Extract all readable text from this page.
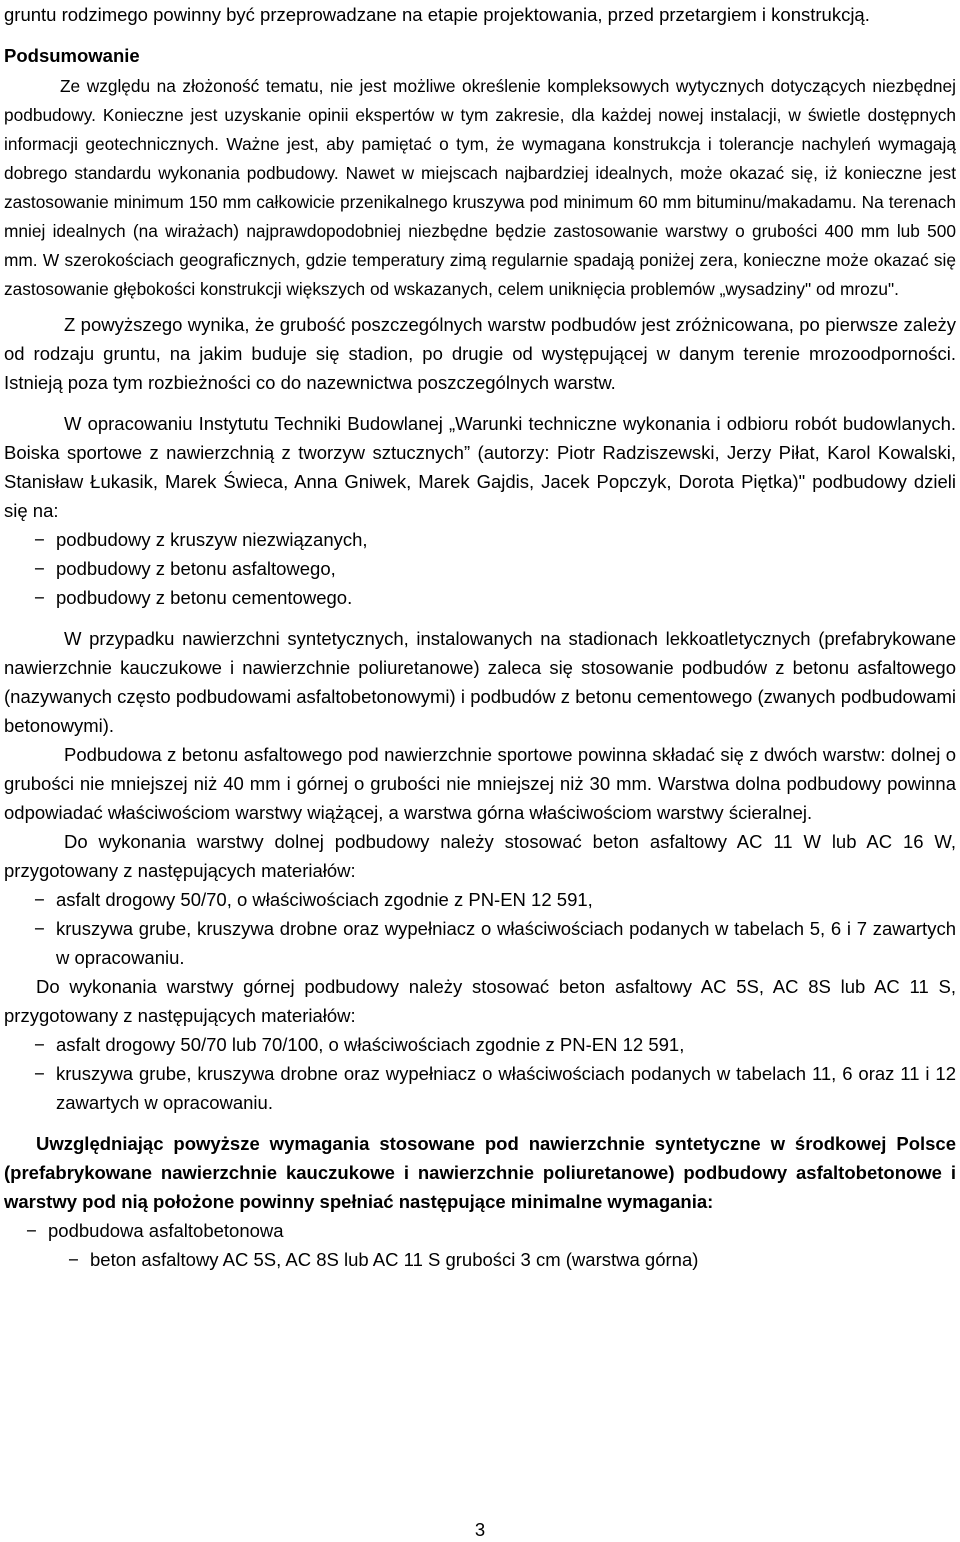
gruntu rodzimego powinny być przeprowadzane na etapie projektowania, przed przetargiem i konstrukcją.

Podsumowanie

Ze względu na złożoność tematu, nie jest możliwe określenie kompleksowych wytycznych dotyczących niezbędnej podbudowy. Konieczne jest uzyskanie opinii ekspertów w tym zakresie, dla każdej nowej instalacji, w świetle dostępnych informacji geotechnicznych. Ważne jest, aby pamiętać o tym, że wymagana konstrukcja i tolerancje nachyleń wymagają dobrego standardu wykonania podbudowy. Nawet w miejscach najbardziej idealnych, może okazać się, iż konieczne jest zastosowanie minimum 150 mm całkowicie przenikalnego kruszywa pod minimum 60 mm bituminu/makadamu. Na terenach mniej idealnych (na wirażach) najprawdopodobniej niezbędne będzie zastosowanie warstwy o grubości 400 mm lub 500 mm. W szerokościach geograficznych, gdzie temperatury zimą regularnie spadają poniżej zera, konieczne może okazać się zastosowanie głębokości konstrukcji większych od wskazanych, celem uniknięcia problemów „wysadziny" od mrozu".

Z powyższego wynika, że grubość poszczególnych warstw podbudów jest zróżnicowana, po pierwsze zależy od rodzaju gruntu, na jakim buduje się stadion, po drugie od występującej w danym terenie mrozoodporności. Istnieją poza tym rozbieżności co do nazewnictwa poszczególnych warstw.

W opracowaniu Instytutu Techniki Budowlanej „Warunki techniczne wykonania i odbioru robót budowlanych. Boiska sportowe z nawierzchnią z tworzyw sztucznych” (autorzy: Piotr Radziszewski, Jerzy Piłat, Karol Kowalski, Stanisław Łukasik, Marek Świeca, Anna Gniwek, Marek Gajdis, Jacek Popczyk, Dorota Piętka)" podbudowy dzieli się na:

− podbudowy z kruszyw niezwiązanych,
− podbudowy z betonu asfaltowego,
− podbudowy z betonu cementowego.

W przypadku nawierzchni syntetycznych, instalowanych na stadionach lekkoatletycznych (prefabrykowane nawierzchnie kauczukowe i nawierzchnie poliuretanowe) zaleca się stosowanie podbudów z betonu asfaltowego (nazywanych często podbudowami asfaltobetonowymi) i podbudów z betonu cementowego (zwanych podbudowami betonowymi).

Podbudowa z betonu asfaltowego pod nawierzchnie sportowe powinna składać się z dwóch warstw: dolnej o grubości nie mniejszej niż 40 mm i górnej o grubości nie mniejszej niż 30 mm. Warstwa dolna podbudowy powinna odpowiadać właściwościom warstwy wiążącej, a warstwa górna właściwościom warstwy ścieralnej.

Do wykonania warstwy dolnej podbudowy należy stosować beton asfaltowy AC 11 W lub AC 16 W, przygotowany z następujących materiałów:

− asfalt drogowy 50/70, o właściwościach zgodnie z PN-EN 12 591,
− kruszywa grube, kruszywa drobne oraz wypełniacz o właściwościach podanych w tabelach 5, 6 i 7 zawartych w opracowaniu.

Do wykonania warstwy górnej podbudowy należy stosować beton asfaltowy AC 5S, AC 8S lub AC 11 S, przygotowany z następujących materiałów:

− asfalt drogowy 50/70 lub 70/100, o właściwościach zgodnie z PN-EN 12 591,
− kruszywa grube, kruszywa drobne oraz wypełniacz o właściwościach podanych w tabelach 11, 6 oraz 11 i 12 zawartych w opracowaniu.

Uwzględniając powyższe wymagania stosowane pod nawierzchnie syntetyczne w środkowej Polsce (prefabrykowane nawierzchnie kauczukowe i nawierzchnie poliuretanowe) podbudowy asfaltobetonowe i warstwy pod nią położone powinny spełniać następujące minimalne wymagania:

− podbudowa asfaltobetonowa
− beton asfaltowy AC 5S, AC 8S lub AC 11 S grubości 3 cm (warstwa górna)
3
